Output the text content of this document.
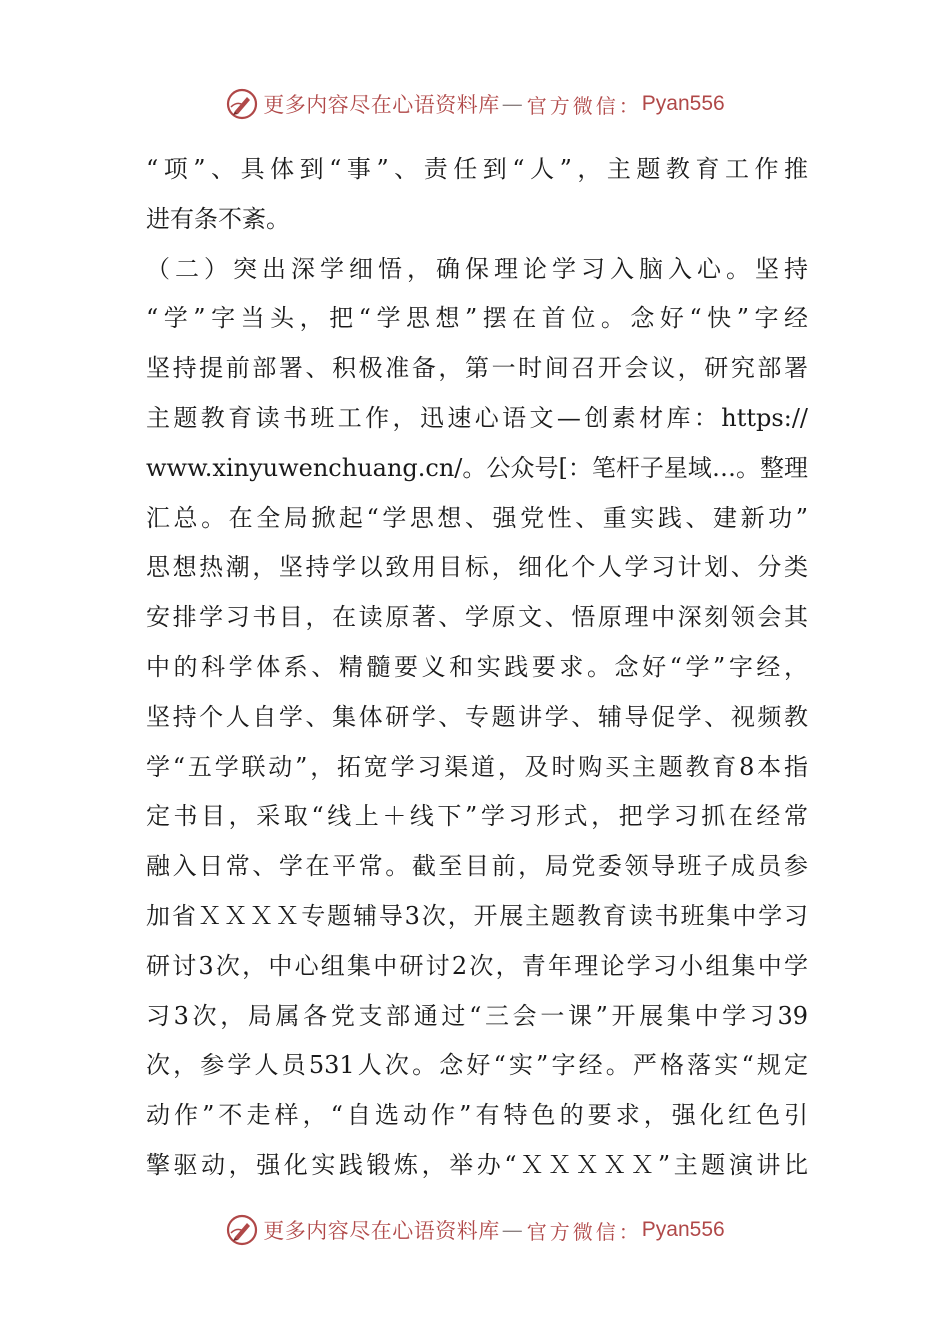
更多内容尽在心语资料库 — 官方微信： Pyan556
“项”、具体到“事”、责任到“人”，主题教育工作推
进有条不紊。
（二）突出深学细悟，确保理论学习入脑入心。坚持
“学”字当头，把“学思想”摆在首位。念好“快”字经
坚持提前部署、积极准备，第一时间召开会议，研究部署
主题教育读书班工作，迅速心语文—创素材库：https://
www.xinyuwenchuang.cn/。公众号[：笔杆子星域…。整理
汇总。在全局掀起“学思想、强党性、重实践、建新功”
思想热潮，坚持学以致用目标，细化个人学习计划、分类
安排学习书目，在读原著、学原文、悟原理中深刻领会其
中的科学体系、精髓要义和实践要求。念好“学”字经，
坚持个人自学、集体研学、专题讲学、辅导促学、视频教
学“五学联动”，拓宽学习渠道，及时购买主题教育8本指
定书目，采取“线上＋线下”学习形式，把学习抓在经常
融入日常、学在平常。截至目前，局党委领导班子成员参
加省ＸＸＸＸ专题辅导3次，开展主题教育读书班集中学习
研讨3次，中心组集中研讨2次，青年理论学习小组集中学
习3次，局属各党支部通过“三会一课”开展集中学习39
次，参学人员531人次。念好“实”字经。严格落实“规定
动作”不走样，“自选动作”有特色的要求，强化红色引
擎驱动，强化实践锻炼，举办“ＸＸＸＸＸ”主题演讲比
更多内容尽在心语资料库 — 官方微信： Pyan556
